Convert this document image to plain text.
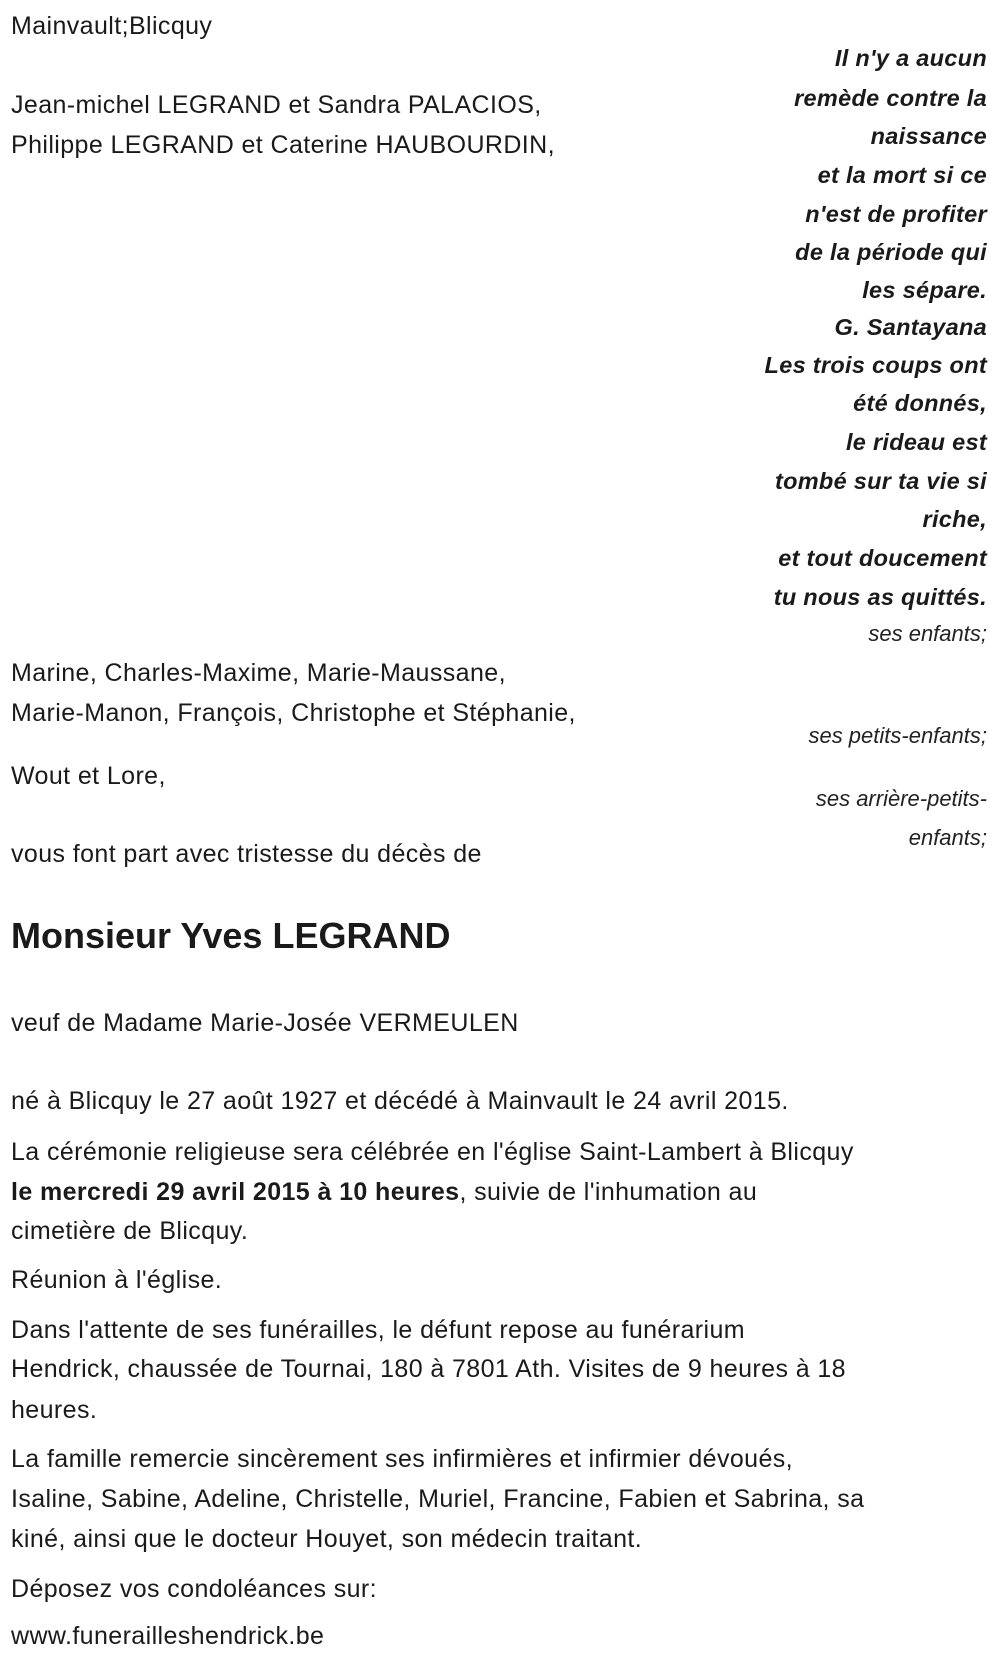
Mainvault;Blicquy
Jean-michel LEGRAND et Sandra PALACIOS,
Philippe LEGRAND et Caterine HAUBOURDIN,
Il n'y a aucun
remède contre la
naissance
et la mort si ce
n'est de profiter
de la période qui
les sépare.
G. Santayana
Les trois coups ont
été donnés,
le rideau est
tombé sur ta vie si
riche,
et tout doucement
tu nous as quittés.
ses enfants;
Marine, Charles-Maxime, Marie-Maussane,
Marie-Manon, François, Christophe et Stéphanie,
ses petits-enfants;
Wout et Lore,
ses arrière-petits-
enfants;
vous font part avec tristesse du décès de
Monsieur Yves LEGRAND
veuf de Madame Marie-Josée VERMEULEN
né à Blicquy le 27 août 1927 et décédé à Mainvault le 24 avril 2015.
La cérémonie religieuse sera célébrée en l'église Saint-Lambert à Blicquy
le mercredi 29 avril 2015 à 10 heures, suivie de l'inhumation au
cimetière de Blicquy.
Réunion à l'église.
Dans l'attente de ses funérailles, le défunt repose au funérarium
Hendrick, chaussée de Tournai, 180 à 7801 Ath. Visites de 9 heures à 18
heures.
La famille remercie sincèrement ses infirmières et infirmier dévoués,
Isaline, Sabine, Adeline, Christelle, Muriel, Francine, Fabien et Sabrina, sa
kiné, ainsi que le docteur Houyet, son médecin traitant.
Déposez vos condoléances sur:
www.funerailleshendrick.be
